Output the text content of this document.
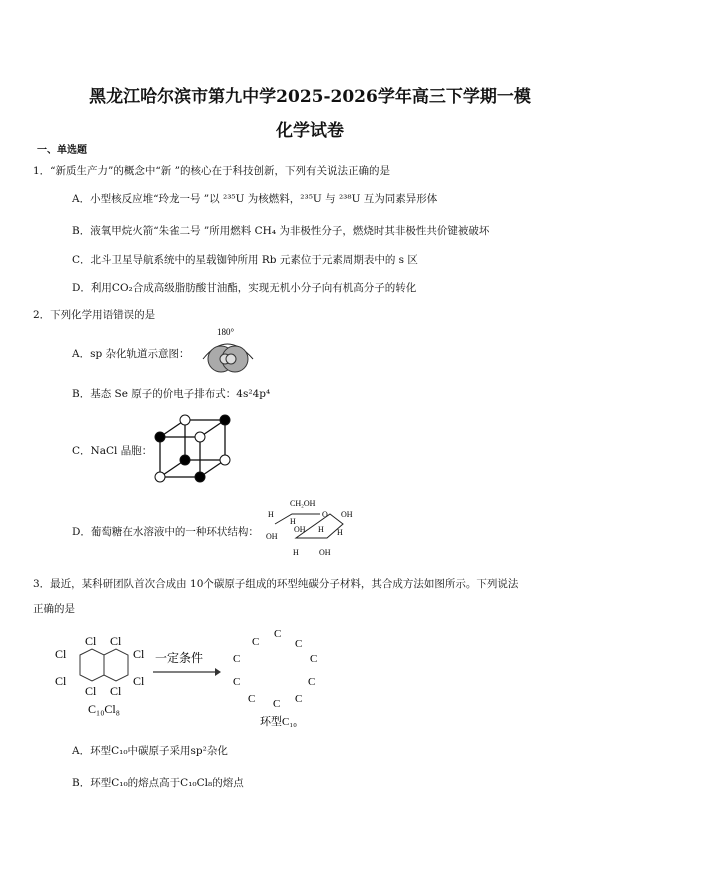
黑龙江哈尔滨市第九中学2025-2026学年高三下学期一模
化学试卷
一、单选题
1．“新质生产力”的概念中“新 ”的核心在于科技创新，下列有关说法正确的是
A．小型核反应堆“玲龙一号 ”以 ²³⁵U 为核燃料，²³⁵U 与 ²³⁸U 互为同素异形体
B．液氧甲烷火箭“朱雀二号 ”所用燃料 CH₄ 为非极性分子，燃烧时其非极性共价键被破坏
C．北斗卫星导航系统中的星载铷钟所用 Rb 元素位于元素周期表中的 s 区
D．利用CO₂合成高级脂肪酸甘油酯，实现无机小分子向有机高分子的转化
2．下列化学用语错误的是
A．sp 杂化轨道示意图：
180°
B．基态 Se 原子的价电子排布式：4s²4p⁴
C．NaCl 晶胞：
D．葡萄糖在水溶液中的一种环状结构：
CH₂OH
O
H	OH
H
OH H H
OH
H	OH
3．最近，某科研团队首次合成由 10个碳原子组成的环型纯碳分子材料，其合成方法如图所示。下列说法
正确的是
Cl Cl
Cl	Cl
Cl	Cl
Cl Cl
C₁₀Cl₈
一定条件
C
C	C
C	C
C	C
C	C
C
环型C₁₀
A．环型C₁₀中碳原子采用sp²杂化
B．环型C₁₀的熔点高于C₁₀Cl₈的熔点
